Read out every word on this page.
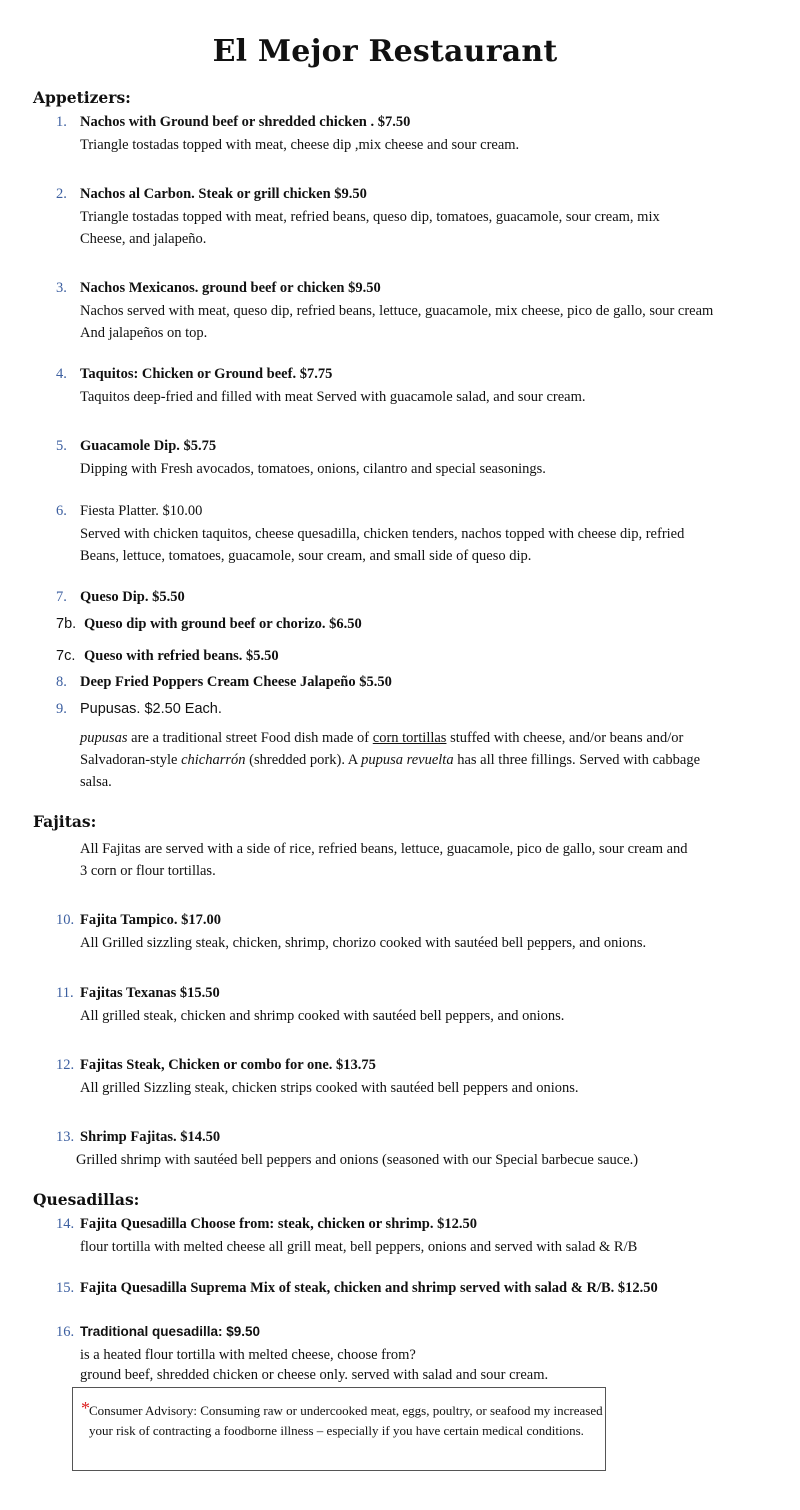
El Mejor Restaurant
Appetizers:
1. Nachos with Ground beef or shredded chicken . $7.50
Triangle tostadas topped with meat, cheese dip ,mix cheese and sour cream.
2. Nachos al Carbon. Steak or grill chicken $9.50
Triangle tostadas topped with meat, refried beans, queso dip, tomatoes, guacamole, sour cream, mix
Cheese, and jalapeño.
3. Nachos Mexicanos. ground beef or chicken $9.50
Nachos served with meat, queso dip, refried beans, lettuce, guacamole, mix cheese, pico de gallo, sour cream
And jalapeños on top.
4. Taquitos: Chicken or Ground beef. $7.75
Taquitos deep-fried and filled with meat Served with guacamole salad, and sour cream.
5. Guacamole Dip. $5.75
Dipping with Fresh avocados, tomatoes, onions, cilantro and special seasonings.
6. Fiesta Platter. $10.00
Served with chicken taquitos, cheese quesadilla, chicken tenders, nachos topped with cheese dip, refried
Beans, lettuce, tomatoes, guacamole, sour cream, and small side of queso dip.
7. Queso Dip. $5.50
7b. Queso dip with ground beef or chorizo. $6.50
7c. Queso with refried beans. $5.50
8. Deep Fried Poppers Cream Cheese Jalapeño $5.50
9. Pupusas. $2.50 Each.
pupusas are a traditional street Food dish made of corn tortillas stuffed with cheese, and/or beans and/or
Salvadoran-style chicharrón (shredded pork). A pupusa revuelta has all three fillings. Served with cabbage
salsa.
Fajitas:
All Fajitas are served with a side of rice, refried beans, lettuce, guacamole, pico de gallo, sour cream and
3 corn or flour tortillas.
10. Fajita Tampico. $17.00
All Grilled sizzling steak, chicken, shrimp, chorizo cooked with sautéed bell peppers, and onions.
11. Fajitas Texanas $15.50
All grilled steak, chicken and shrimp cooked with sautéed bell peppers, and onions.
12. Fajitas Steak, Chicken or combo for one. $13.75
All grilled Sizzling steak, chicken strips cooked with sautéed bell peppers and onions.
13. Shrimp Fajitas. $14.50
Grilled shrimp with sautéed bell peppers and onions (seasoned with our Special barbecue sauce.)
Quesadillas:
14. Fajita Quesadilla Choose from: steak, chicken or shrimp. $12.50
flour tortilla with melted cheese all grill meat, bell peppers, onions and served with salad & R/B
15. Fajita Quesadilla Suprema Mix of steak, chicken and shrimp served with salad & R/B. $12.50
16. Traditional quesadilla: $9.50
is a heated flour tortilla with melted cheese, choose from?
ground beef, shredded chicken or cheese only. served with salad and sour cream.
* Consumer Advisory: Consuming raw or undercooked meat, eggs, poultry, or seafood my increased
your risk of contracting a foodborne illness – especially if you have certain medical conditions.
